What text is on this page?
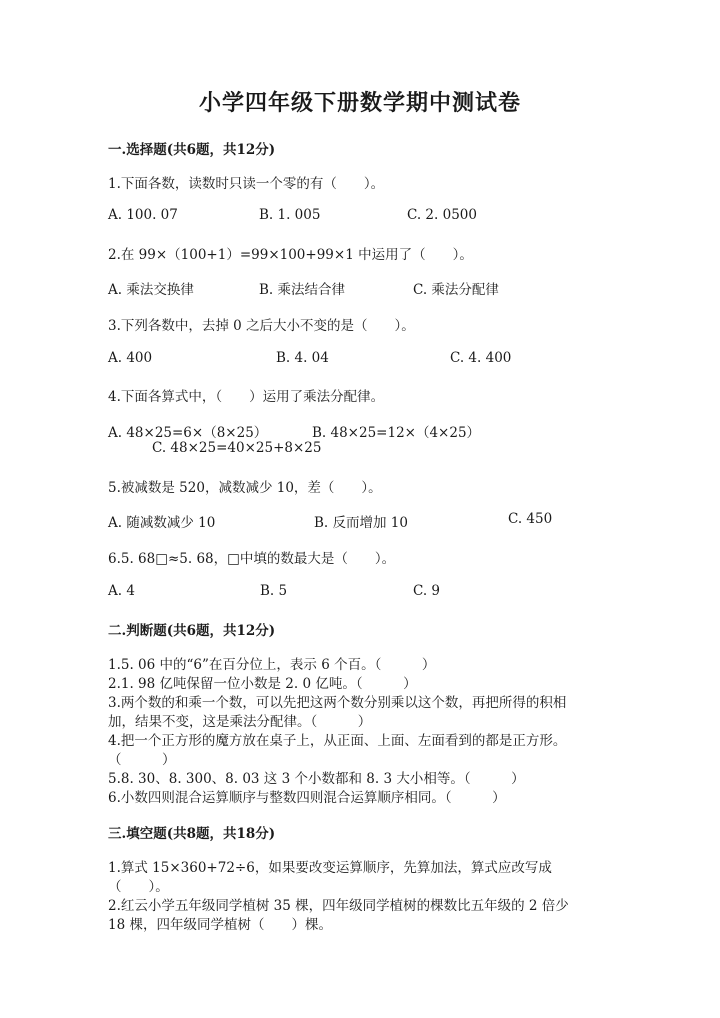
小学四年级下册数学期中测试卷
一.选择题(共6题，共12分)
1.下面各数，读数时只读一个零的有（　　）。
A. 100. 07	B. 1. 005	C. 2. 0500
2.在 99×（100+1）=99×100+99×1 中运用了（　　）。
A. 乘法交换律	B. 乘法结合律	C. 乘法分配律
3.下列各数中，去掉 0 之后大小不变的是（　　）。
A. 400	B. 4. 04	C. 4. 400
4.下面各算式中，（　　）运用了乘法分配律。
A. 48×25=6×（8×25）	B. 48×25=12×（4×25）
C. 48×25=40×25+8×25
5.被减数是 520，减数减少 10，差（　　）。
A. 随减数减少 10	B. 反而增加 10	C. 450
6.5. 68□≈5. 68，□中填的数最大是（　　）。
A. 4	B. 5	C. 9
二.判断题(共6题，共12分)
1.5. 06 中的“6”在百分位上，表示 6 个百。（　　　）
2.1. 98 亿吨保留一位小数是 2. 0 亿吨。（　　　）
3.两个数的和乘一个数，可以先把这两个数分别乘以这个数，再把所得的积相
加，结果不变，这是乘法分配律。（　　　）
4.把一个正方形的魔方放在桌子上，从正面、上面、左面看到的都是正方形。
（　　　）
5.8. 30、8. 300、8. 03 这 3 个小数都和 8. 3 大小相等。（　　　）
6.小数四则混合运算顺序与整数四则混合运算顺序相同。（　　　）
三.填空题(共8题，共18分)
1.算式 15×360+72÷6，如果要改变运算顺序，先算加法，算式应改写成
（　　）。
2.红云小学五年级同学植树 35 棵，四年级同学植树的棵数比五年级的 2 倍少
18 棵，四年级同学植树（　　）棵。
